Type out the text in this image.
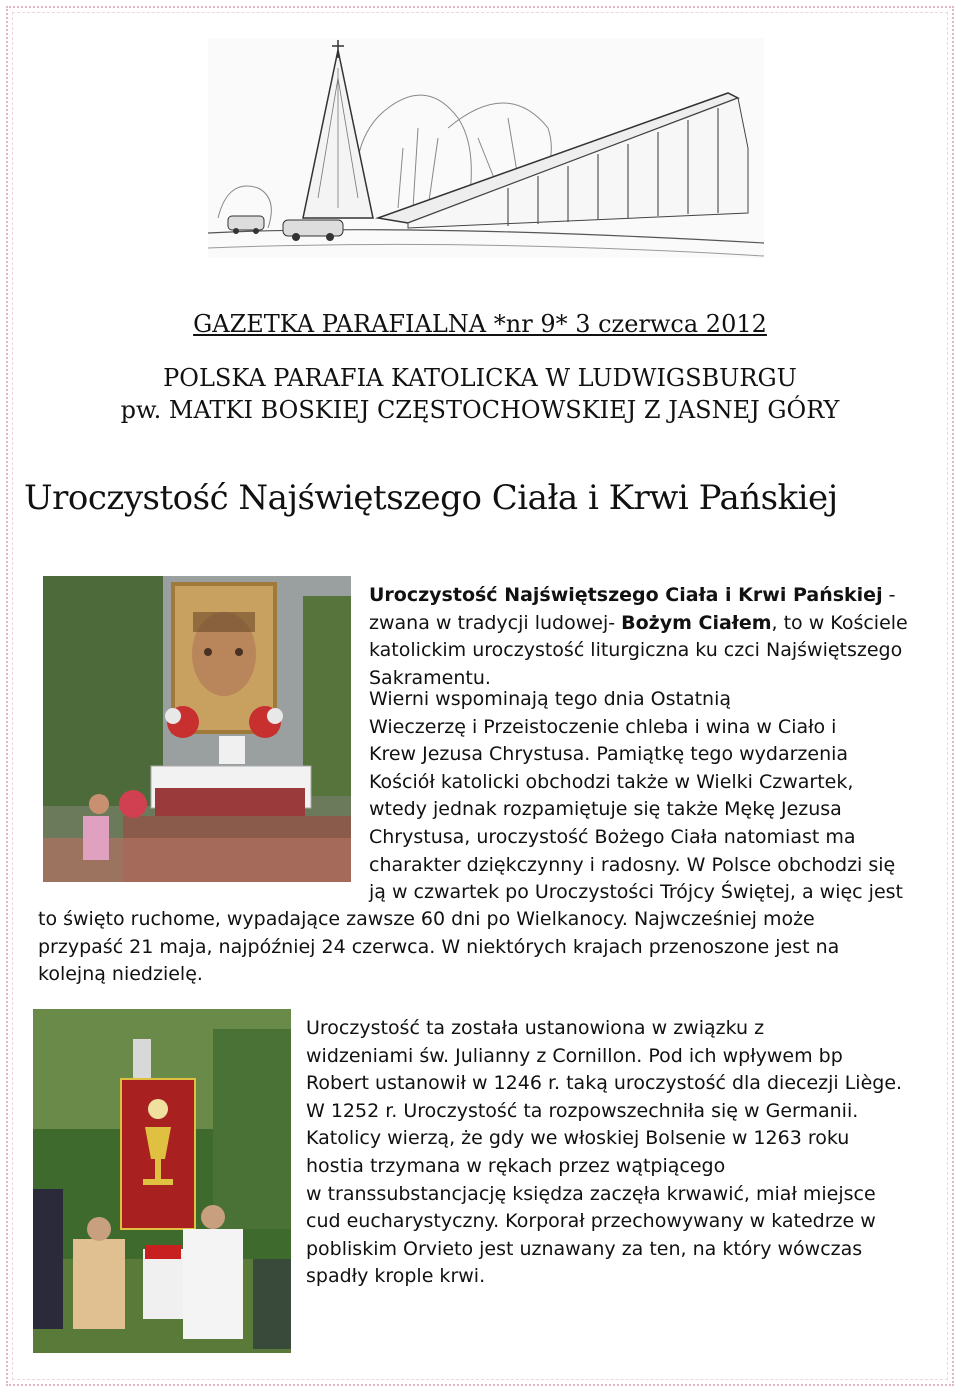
GAZETKA PARAFIALNA *nr 9* 3 czerwca 2012
POLSKA PARAFIA KATOLICKA W LUDWIGSBURGU
pw. MATKI BOSKIEJ CZĘSTOCHOWSKIEJ Z JASNEJ GÓRY
Uroczystość Najświętszego Ciała i Krwi Pańskiej

Uroczystość Najświętszego Ciała i Krwi Pańskiej - zwana w tradycji ludowej- Bożym Ciałem, to w Kościele katolickim uroczystość liturgiczna ku czci Najświętszego Sakramentu.

Wierni wspominają tego dnia Ostatnią

Wieczerzę i Przeistoczenie chleba i wina w Ciało i

Krew Jezusa Chrystusa. Pamiątkę tego wydarzenia

Kościół katolicki obchodzi także w Wielki Czwartek,

wtedy jednak rozpamiętuje się także Mękę Jezusa

Chrystusa, uroczystość Bożego Ciała natomiast ma

charakter dziękczynny i radosny. W Polsce obchodzi się

ją w czwartek po Uroczystości Trójcy Świętej, a więc jest

to święto ruchome, wypadające zawsze 60 dni po Wielkanocy. Najwcześniej może

przypaść 21 maja, najpóźniej 24 czerwca. W niektórych krajach przenoszone jest na

kolejną niedzielę.

Uroczystość ta została ustanowiona w związku z

widzeniami św. Julianny z Cornillon. Pod ich wpływem bp

Robert ustanowił w 1246 r. taką uroczystość dla diecezji Liège.

W 1252 r. Uroczystość ta rozpowszechniła się w Germanii.

Katolicy wierzą, że gdy we włoskiej Bolsenie w 1263 roku

hostia trzymana w rękach przez wątpiącego

w transsubstancjację księdza zaczęła krwawić, miał miejsce

cud eucharystyczny. Korporał przechowywany w katedrze w

pobliskim Orvieto jest uznawany za ten, na który wówczas

spadły krople krwi.
